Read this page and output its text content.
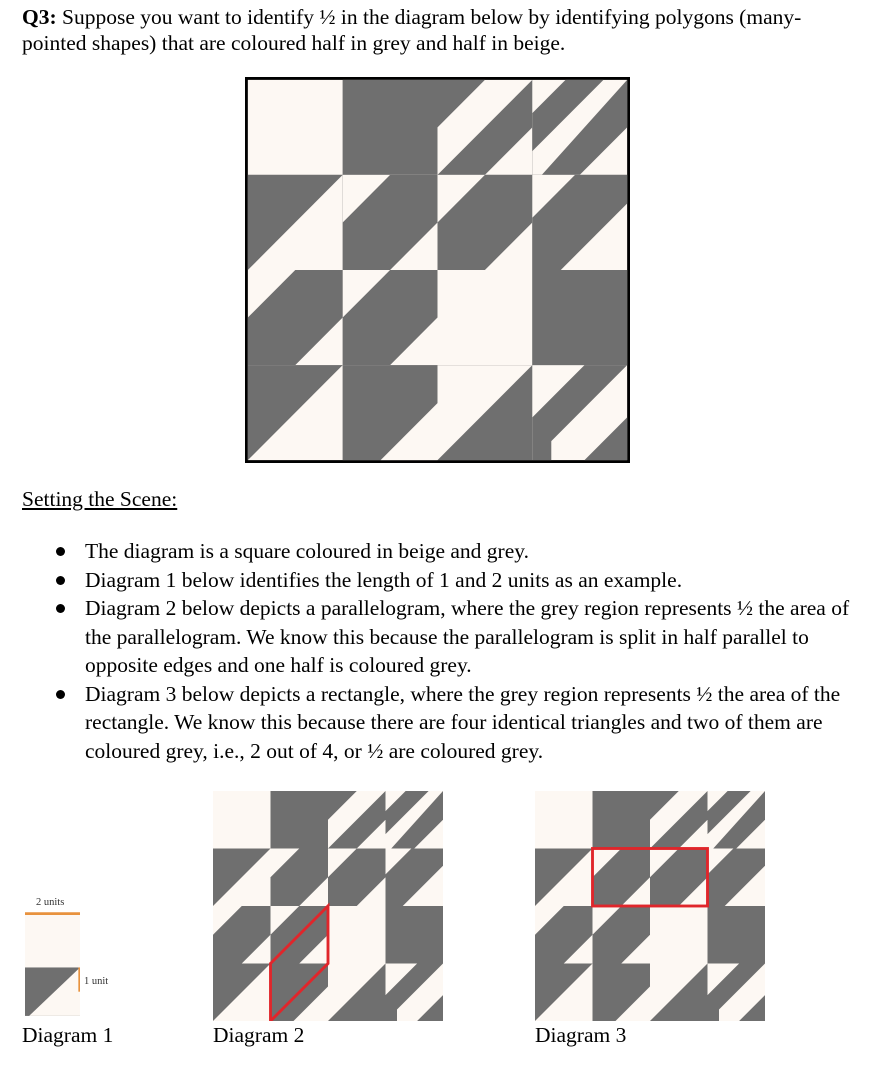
Q3: Suppose you want to identify ½ in the diagram below by identifying polygons (many-pointed shapes) that are coloured half in grey and half in beige.
Setting the Scene:
The diagram is a square coloured in beige and grey.
Diagram 1 below identifies the length of 1 and 2 units as an example.
Diagram 2 below depicts a parallelogram, where the grey region represents ½ the area of the parallelogram. We know this because the parallelogram is split in half parallel to opposite edges and one half is coloured grey.
Diagram 3 below depicts a rectangle, where the grey region represents ½ the area of the rectangle. We know this because there are four identical triangles and two of them are coloured grey, i.e., 2 out of 4, or ½ are coloured grey.
2 units
1 unit
Diagram 1	Diagram 2	Diagram 3
